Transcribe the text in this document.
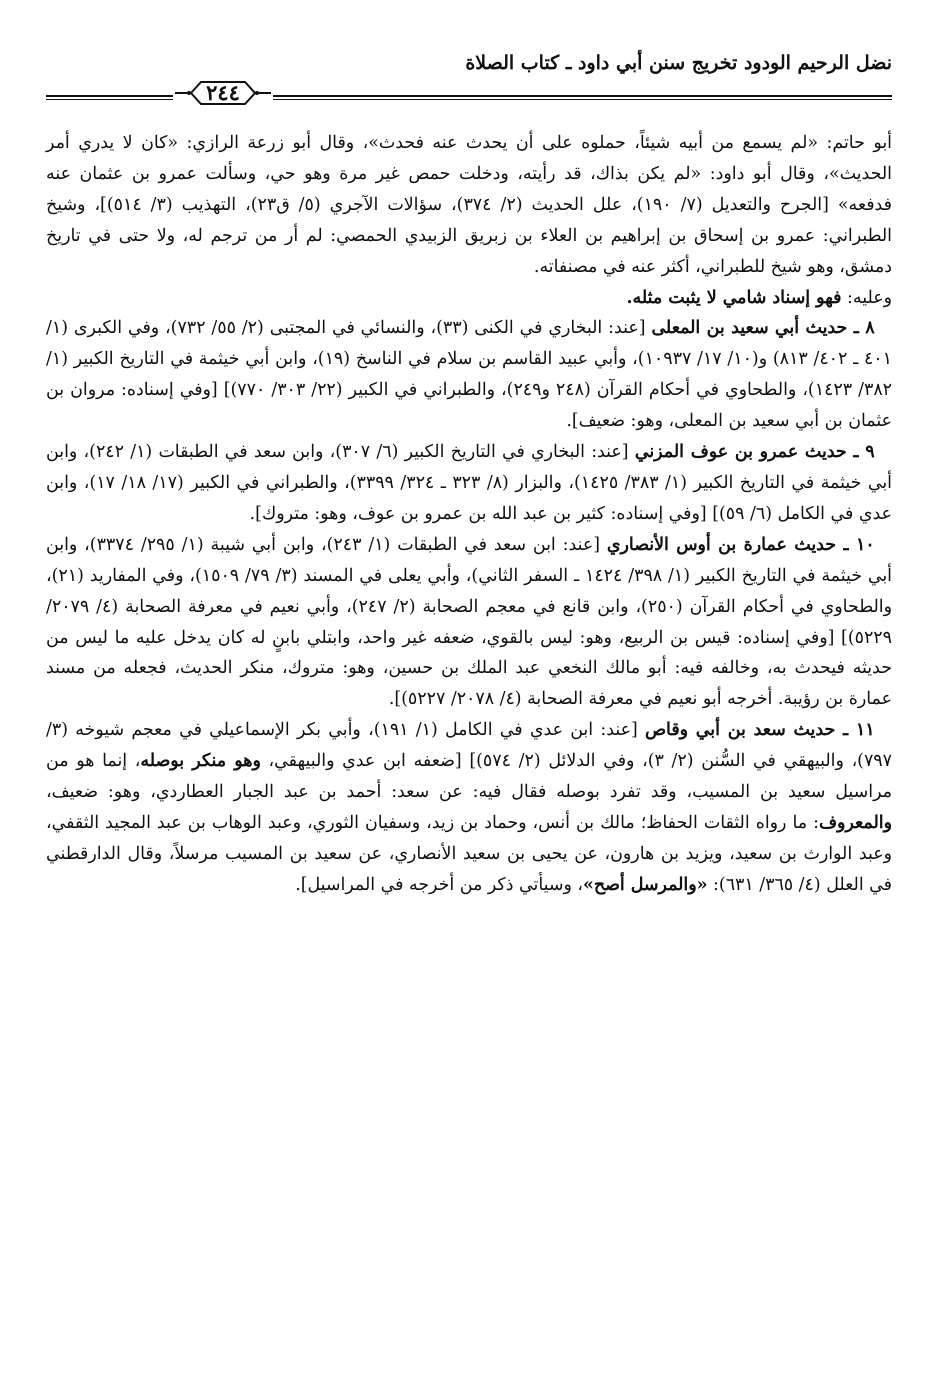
نضل الرحيم الودود تخريج سنن أبي داود ـ كتاب الصلاة
٢٤٤

أبو حاتم: «لم يسمع من أبيه شيئاً، حملوه على أن يحدث عنه فحدث»، وقال أبو زرعة الرازي: «كان لا يدري أمر الحديث»، وقال أبو داود: «لم يكن بذاك، قد رأيته، ودخلت حمص غير مرة وهو حي، وسألت عمرو بن عثمان عنه فدفعه» [الجرح والتعديل (٧/ ١٩٠)، علل الحديث (٢/ ٣٧٤)، سؤالات الآجري (٥/ ق٢٣)، التهذيب (٣/ ٥١٤)]، وشيخ الطبراني: عمرو بن إسحاق بن إبراهيم بن العلاء بن زبريق الزبيدي الحمصي: لم أر من ترجم له، ولا حتى في تاريخ دمشق، وهو شيخ للطبراني، أكثر عنه في مصنفاته.

وعليه: فهو إسناد شامي لا يثبت مثله.

 ٨ ـ حديث أبي سعيد بن المعلى [عند: البخاري في الكنى (٣٣)، والنسائي في المجتبى (٢/ ٥٥/ ٧٣٢)، وفي الكبرى (١/ ٤٠١ ـ ٤٠٢/ ٨١٣) و(١٠/ ١٧/ ١٠٩٣٧)، وأبي عبيد القاسم بن سلام في الناسخ (١٩)، وابن أبي خيثمة في التاريخ الكبير (١/ ٣٨٢/ ١٤٢٣)، والطحاوي في أحكام القرآن (٢٤٨ و٢٤٩)، والطبراني في الكبير (٢٢/ ٣٠٣/ ٧٧٠)] [وفي إسناده: مروان بن عثمان بن أبي سعيد بن المعلى، وهو: ضعيف].

 ٩ ـ حديث عمرو بن عوف المزني [عند: البخاري في التاريخ الكبير (٦/ ٣٠٧)، وابن سعد في الطبقات (١/ ٢٤٢)، وابن أبي خيثمة في التاريخ الكبير (١/ ٣٨٣/ ١٤٢٥)، والبزار (٨/ ٣٢٣ ـ ٣٢٤/ ٣٣٩٩)، والطبراني في الكبير (١٧/ ١٨/ ١٧)، وابن عدي في الكامل (٦/ ٥٩)] [وفي إسناده: كثير بن عبد الله بن عمرو بن عوف، وهو: متروك].

 ١٠ ـ حديث عمارة بن أوس الأنصاري [عند: ابن سعد في الطبقات (١/ ٢٤٣)، وابن أبي شيبة (١/ ٢٩٥/ ٣٣٧٤)، وابن أبي خيثمة في التاريخ الكبير (١/ ٣٩٨/ ١٤٢٤ ـ السفر الثاني)، وأبي يعلى في المسند (٣/ ٧٩/ ١٥٠٩)، وفي المفاريد (٢١)، والطحاوي في أحكام القرآن (٢٥٠)، وابن قانع في معجم الصحابة (٢/ ٢٤٧)، وأبي نعيم في معرفة الصحابة (٤/ ٢٠٧٩/ ٥٢٢٩)] [وفي إسناده: قيس بن الربيع، وهو: ليس بالقوي، ضعفه غير واحد، وابتلي بابنٍ له كان يدخل عليه ما ليس من حديثه فيحدث به، وخالفه فيه: أبو مالك النخعي عبد الملك بن حسين، وهو: متروك، منكر الحديث، فجعله من مسند عمارة بن رؤيبة. أخرجه أبو نعيم في معرفة الصحابة (٤/ ٢٠٧٨/ ٥٢٢٧)].

 ١١ ـ حديث سعد بن أبي وقاص [عند: ابن عدي في الكامل (١/ ١٩١)، وأبي بكر الإسماعيلي في معجم شيوخه (٣/ ٧٩٧)، والبيهقي في السُّنن (٢/ ٣)، وفي الدلائل (٢/ ٥٧٤)] [ضعفه ابن عدي والبيهقي، وهو منكر بوصله، إنما هو من مراسيل سعيد بن المسيب، وقد تفرد بوصله فقال فيه: عن سعد: أحمد بن عبد الجبار العطاردي، وهو: ضعيف، والمعروف: ما رواه الثقات الحفاظ؛ مالك بن أنس، وحماد بن زيد، وسفيان الثوري، وعبد الوهاب بن عبد المجيد الثقفي، وعبد الوارث بن سعيد، ويزيد بن هارون، عن يحيى بن سعيد الأنصاري، عن سعيد بن المسيب مرسلاً، وقال الدارقطني في العلل (٤/ ٣٦٥/ ٦٣١): «والمرسل أصح»، وسيأتي ذكر من أخرجه في المراسيل].
